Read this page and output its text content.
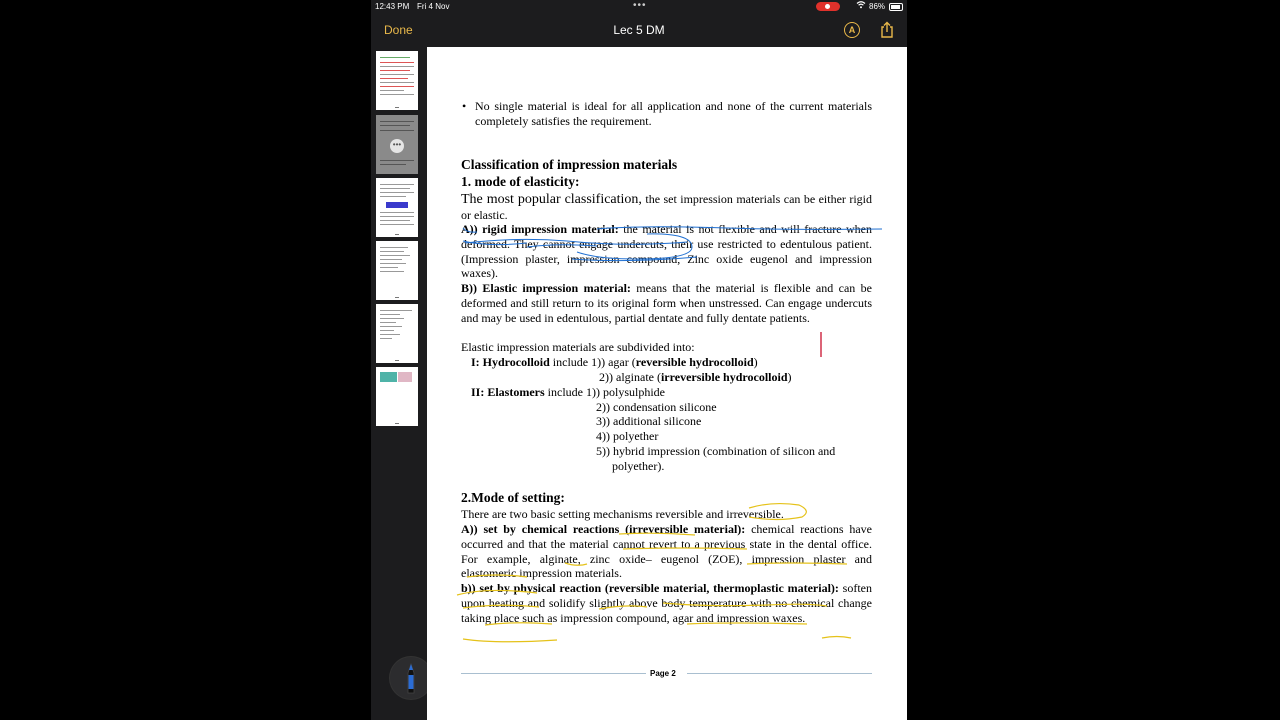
12:43 PM Fri 4 Nov	•••	86%
Done	Lec 5 DM	A
•••
• No single material is ideal for all application and none of the current materials completely satisfies the requirement.
Classification of impression materials
1. mode of elasticity:
The most popular classification, the set impression materials can be either rigid or elastic.
A)) rigid impression material: the material is not flexible and will fracture when deformed. They cannot engage undercuts, their use restricted to edentulous patient. (Impression plaster, impression compound, Zinc oxide eugenol and impression waxes).
B)) Elastic impression material: means that the material is flexible and can be deformed and still return to its original form when unstressed. Can engage undercuts and may be used in edentulous, partial dentate and fully dentate patients.
Elastic impression materials are subdivided into:
I: Hydrocolloid include 1)) agar (reversible hydrocolloid)
2)) alginate (irreversible hydrocolloid)
II: Elastomers include 1)) polysulphide
2)) condensation silicone
3)) additional silicone
4)) polyether
5)) hybrid impression (combination of silicon and
polyether).
2.Mode of setting:
There are two basic setting mechanisms reversible and irreversible.
A)) set by chemical reactions (irreversible material): chemical reactions have occurred and that the material cannot revert to a previous state in the dental office. For example, alginate, zinc oxide– eugenol (ZOE), impression plaster and elastomeric impression materials.
b)) set by physical reaction (reversible material, thermoplastic material): soften upon heating and solidify slightly above body temperature with no chemical change taking place such as impression compound, agar and impression waxes.
Page 2
